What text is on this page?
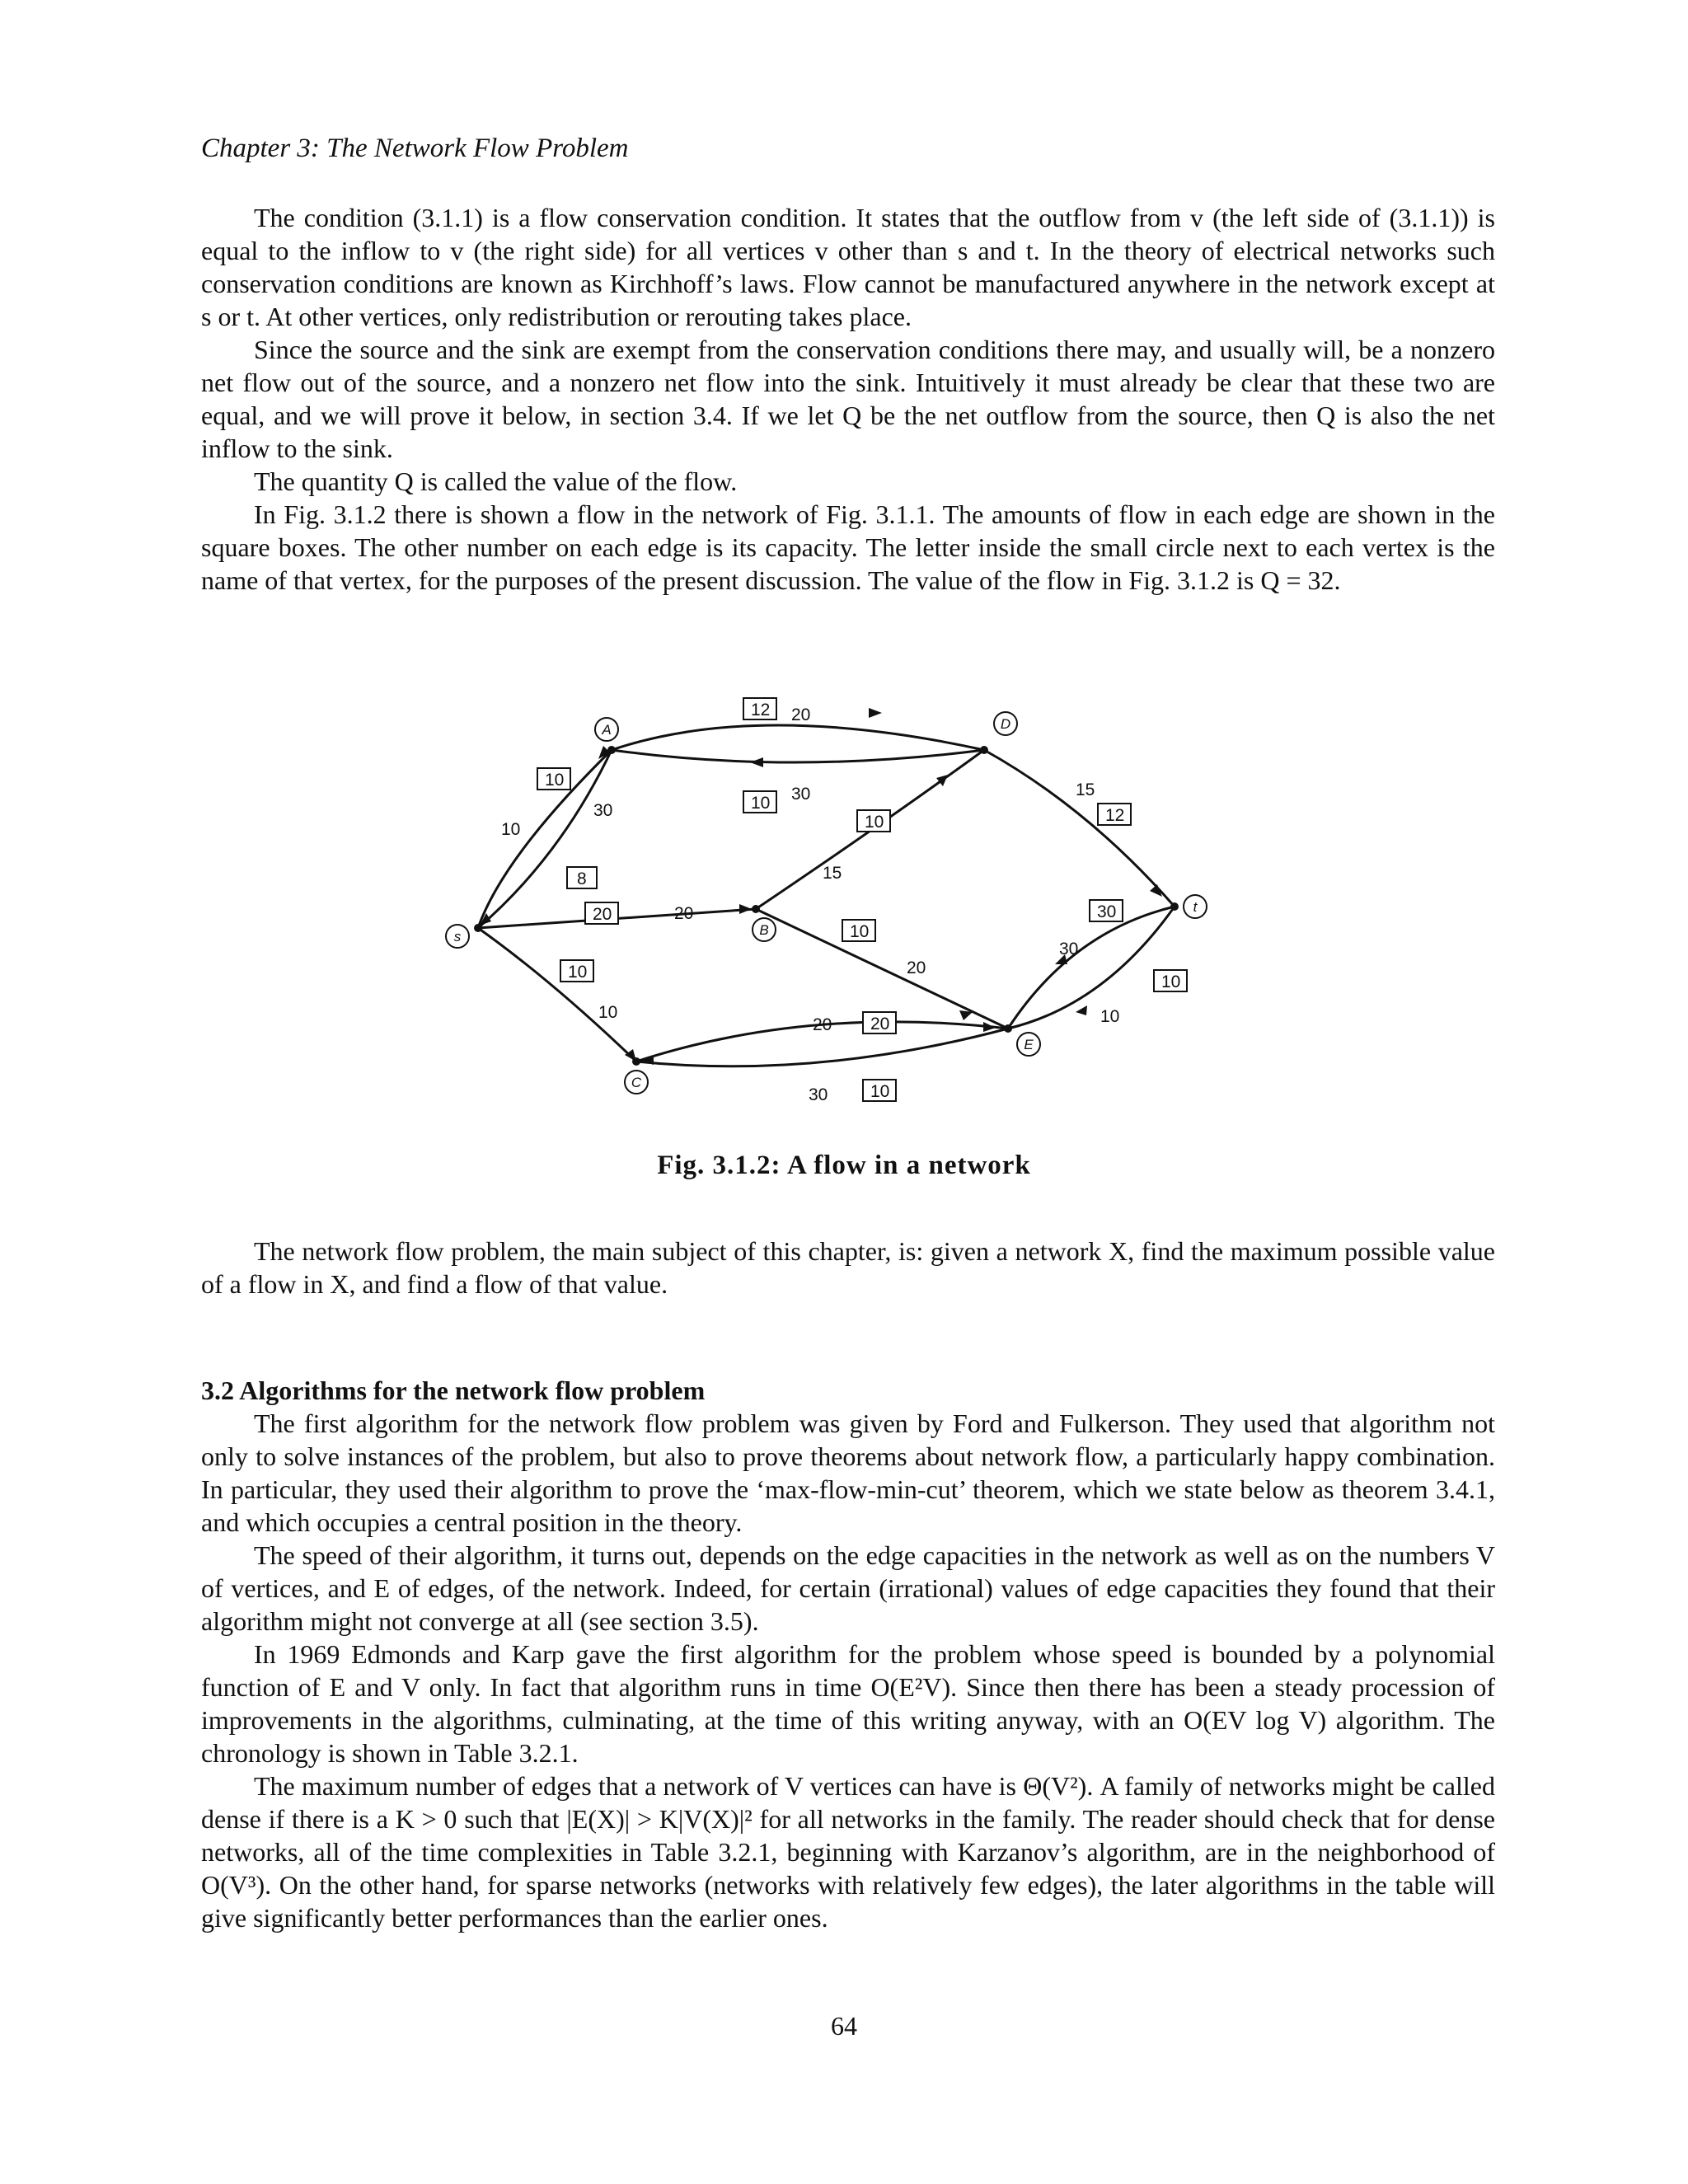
Chapter 3: The Network Flow Problem

The condition (3.1.1) is a flow conservation condition. It states that the outflow from v (the left side of (3.1.1)) is equal to the inflow to v (the right side) for all vertices v other than s and t. In the theory of electrical networks such conservation conditions are known as Kirchhoff’s laws. Flow cannot be manufactured anywhere in the network except at s or t. At other vertices, only redistribution or rerouting takes place.

Since the source and the sink are exempt from the conservation conditions there may, and usually will, be a nonzero net flow out of the source, and a nonzero net flow into the sink. Intuitively it must already be clear that these two are equal, and we will prove it below, in section 3.4. If we let Q be the net outflow from the source, then Q is also the net inflow to the sink.

The quantity Q is called the value of the flow.

In Fig. 3.1.2 there is shown a flow in the network of Fig. 3.1.1. The amounts of flow in each edge are shown in the square boxes. The other number on each edge is its capacity. The letter inside the small circle next to each vertex is the name of that vertex, for the purposes of the present discussion. The value of the flow in Fig. 3.1.2 is Q = 32.

s
A
B
C
D
E
t
10
10
8
30
12 20
10 30
20	20
10
15
10
20
10
10
20
20
10
30
12
15
30
30
10
10
Fig. 3.1.2: A flow in a network

The network flow problem, the main subject of this chapter, is: given a network X, find the maximum possible value of a flow in X, and find a flow of that value.

3.2 Algorithms for the network flow problem

The first algorithm for the network flow problem was given by Ford and Fulkerson. They used that algorithm not only to solve instances of the problem, but also to prove theorems about network flow, a particularly happy combination. In particular, they used their algorithm to prove the ‘max-flow-min-cut’ theorem, which we state below as theorem 3.4.1, and which occupies a central position in the theory.

The speed of their algorithm, it turns out, depends on the edge capacities in the network as well as on the numbers V of vertices, and E of edges, of the network. Indeed, for certain (irrational) values of edge capacities they found that their algorithm might not converge at all (see section 3.5).

In 1969 Edmonds and Karp gave the first algorithm for the problem whose speed is bounded by a polynomial function of E and V only. In fact that algorithm runs in time O(E²V). Since then there has been a steady procession of improvements in the algorithms, culminating, at the time of this writing anyway, with an O(EV log V) algorithm. The chronology is shown in Table 3.2.1.

The maximum number of edges that a network of V vertices can have is Θ(V²). A family of networks might be called dense if there is a K > 0 such that |E(X)| > K|V(X)|² for all networks in the family. The reader should check that for dense networks, all of the time complexities in Table 3.2.1, beginning with Karzanov’s algorithm, are in the neighborhood of O(V³). On the other hand, for sparse networks (networks with relatively few edges), the later algorithms in the table will give significantly better performances than the earlier ones.

64
